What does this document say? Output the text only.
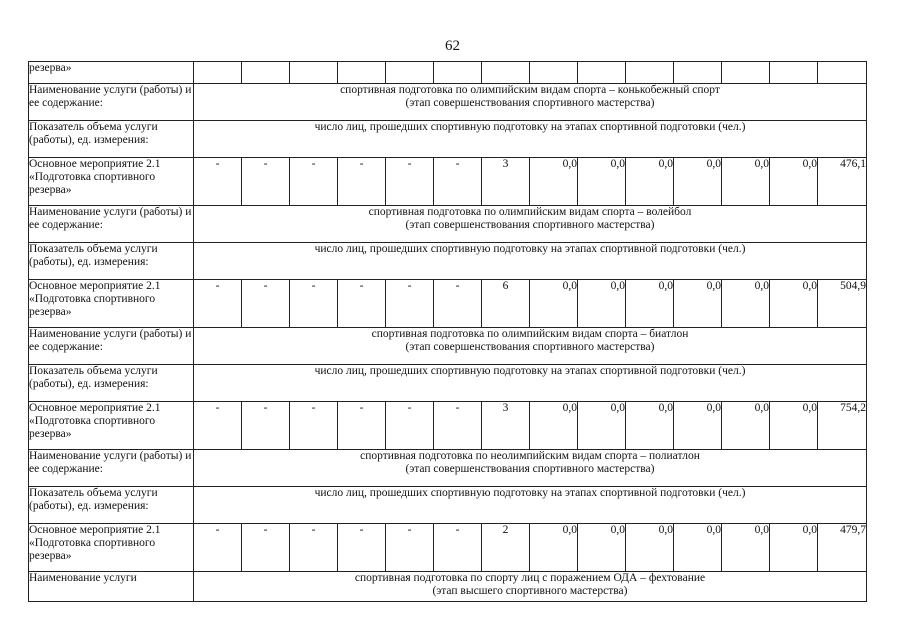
62
резерва»														
Наименование услуги (работы) и ее содержание:	спортивная подготовка по олимпийским видам спорта – конькобежный спорт
(этап совершенствования спортивного мастерства)													

Показатель объема услуги (работы), ед. измерения:	число лиц, прошедших спортивную подготовку на этапах спортивной подготовки (чел.)													
Основное мероприятие 2.1 «Подготовка спортивного резерва»	-	-	-	-	-	-	3	0,0	0,0	0,0	0,0	0,0	0,0	476,1
Наименование услуги (работы) и ее содержание:	спортивная подготовка по олимпийским видам спорта – волейбол
(этап совершенствования спортивного мастерства)													

Показатель объема услуги (работы), ед. измерения:	число лиц, прошедших спортивную подготовку на этапах спортивной подготовки (чел.)													
Основное мероприятие 2.1 «Подготовка спортивного резерва»	-	-	-	-	-	-	6	0,0	0,0	0,0	0,0	0,0	0,0	504,9
Наименование услуги (работы) и ее содержание:	спортивная подготовка по олимпийским видам спорта – биатлон
(этап совершенствования спортивного мастерства)													

Показатель объема услуги (работы), ед. измерения:	число лиц, прошедших спортивную подготовку на этапах спортивной подготовки (чел.)													
Основное мероприятие 2.1 «Подготовка спортивного резерва»	-	-	-	-	-	-	3	0,0	0,0	0,0	0,0	0,0	0,0	754,2
Наименование услуги (работы) и ее содержание:	спортивная подготовка по неолимпийским видам спорта – полиатлон
(этап совершенствования спортивного мастерства)													

Показатель объема услуги (работы), ед. измерения:	число лиц, прошедших спортивную подготовку на этапах спортивной подготовки (чел.)													
Основное мероприятие 2.1 «Подготовка спортивного резерва»	-	-	-	-	-	-	2	0,0	0,0	0,0	0,0	0,0	0,0	479,7
Наименование услуги	спортивная подготовка по спорту лиц с поражением ОДА – фехтование
(этап высшего спортивного мастерства)													
